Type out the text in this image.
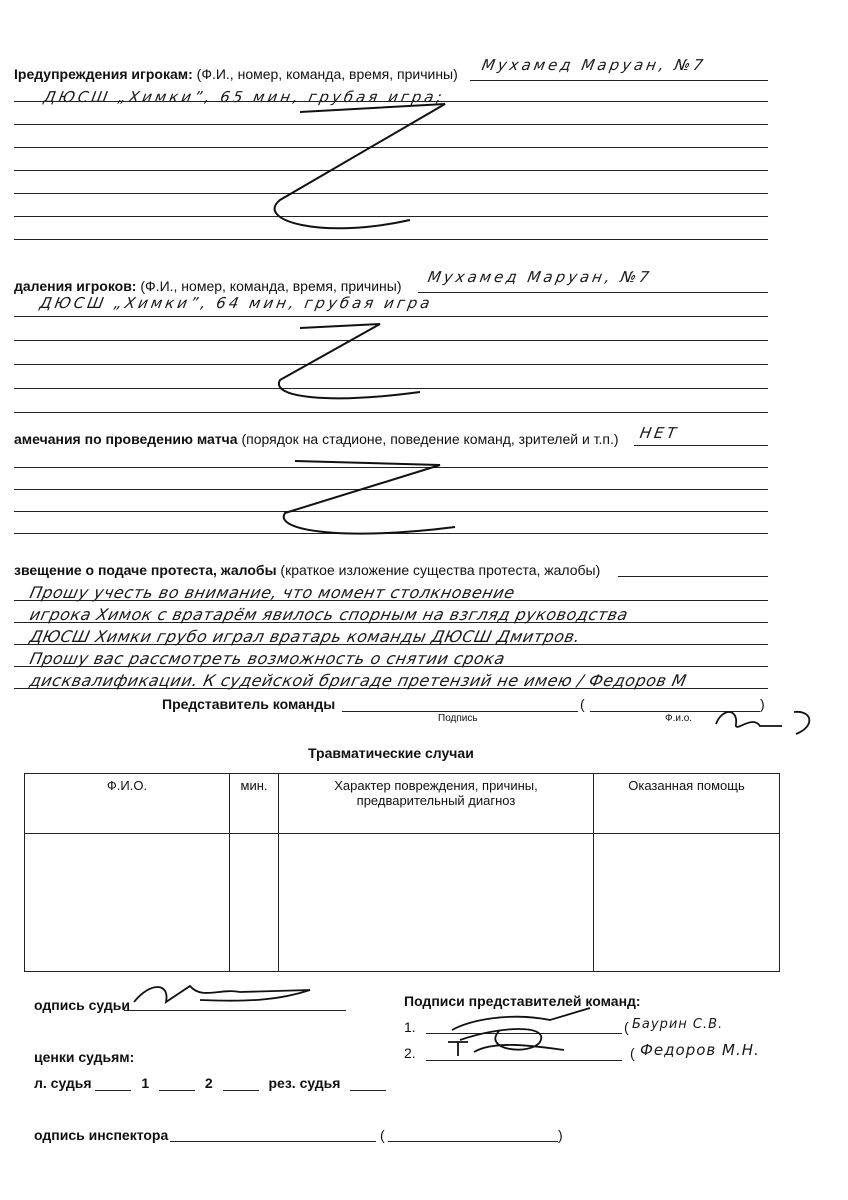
Iредупреждения игрокам: (Ф.И., номер, команда, время, причины) Мухамед Маруан, №7
ДЮСШ „Химки”, 65 мин, грубая игра;
даления игроков: (Ф.И., номер, команда, время, причины) Мухамед Маруан, №7
ДЮСШ „Химки”, 64 мин, грубая игра
амечания по проведению матча (порядок на стадионе, поведение команд, зрителей и т.п.) НЕТ
звещение о подаче протеста, жалобы (краткое изложение существа протеста, жалобы)
Прошу учесть во внимание, что момент столкновение
игрока Химок с вратарём явилось спорным на взгляд руководства
ДЮСШ Химки грубо играл вратарь команды ДЮСШ Дмитров.
Прошу вас рассмотреть возможность о снятии срока
дисквалификации. К судейской бригаде претензий не имею / Федоров М
Представитель команды	(	)
Подпись	Ф.и.о.
Травматические случаи
Ф.И.О.	мин.	Характер повреждения, причины, предварительный диагноз	Оказанная помощь

одпись судьи	Подписи представителей команд:
1.	( Баурин С.В.
2.	( Федоров М.Н.
ценки судьям:
л. судья	1	2	рез. судья
одпись инспектора	(	)
